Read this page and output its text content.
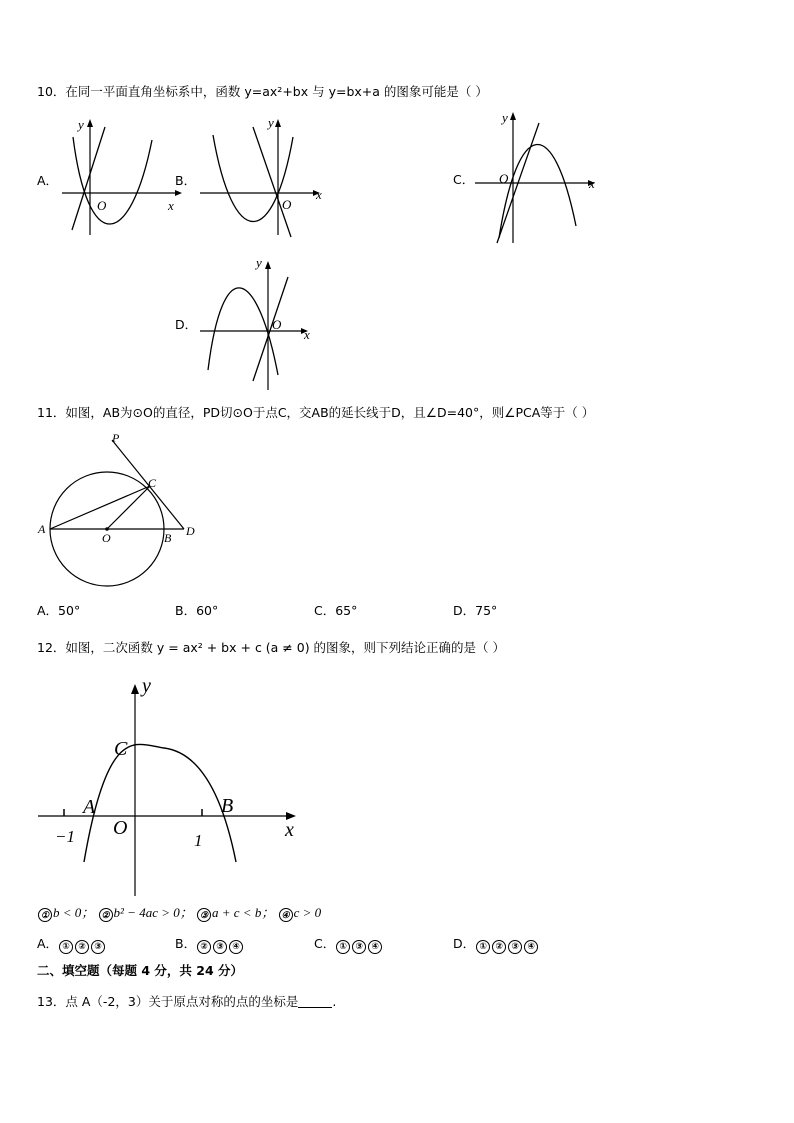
10．在同一平面直角坐标系中，函数 y=ax²+bx 与 y=bx+a 的图象可能是（ ）
A．
y
x
O
B．
y
x
O
C．
y
x
O
D．
y
x
O
11．如图，AB为⊙O的直径，PD切⊙O于点C，交AB的延长线于D，且∠D=40°，则∠PCA等于（ ）
P
C
A
O	B D
A．50°	B．60°	C．65°	D．75°
12．如图，二次函数 y = ax² + bx + c (a ≠ 0) 的图象，则下列结论正确的是（ ）
y
x
C
A	B
O
−1	1
① b < 0； ② b² − 4ac > 0； ③ a + c < b； ④ c > 0
A． ① ② ③	B． ② ③ ④	C． ① ③ ④	D． ① ② ③ ④
二、填空题（每题 4 分，共 24 分）
13．点 A（-2，3）关于原点对称的点的坐标是	.
